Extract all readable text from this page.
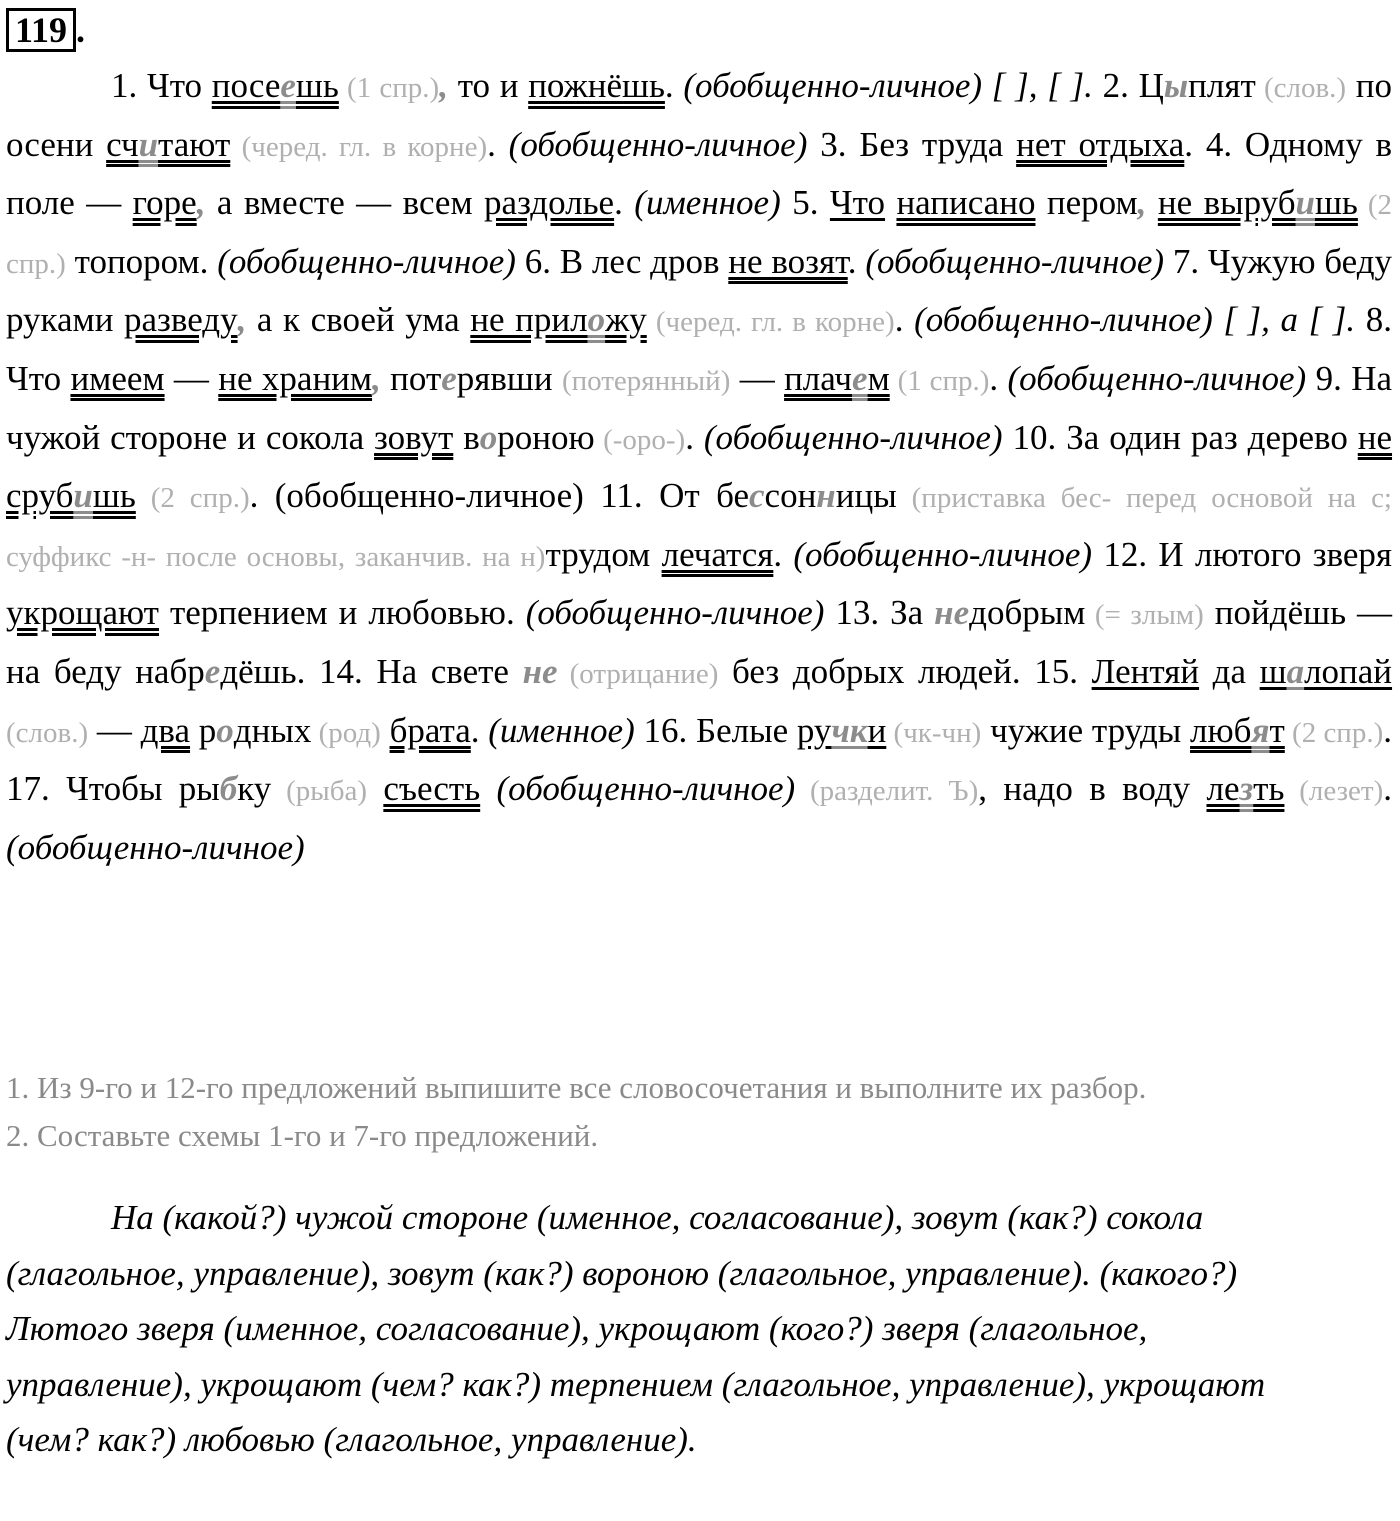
119 .

1. Что посеешь (1 спр.), то и пожнёшь. (обобщенно-личное) [ ], [ ]. 2. Цыплят (слов.) по осени считают (черед. гл. в корне). (обобщенно-личное) 3. Без труда нет отдыха. 4. Одному в поле — горе, а вместе — всем раздолье. (именное) 5. Что написано пером, не вырубишь (2 спр.) топором. (обобщенно-личное) 6. В лес дров не возят. (обобщенно-личное) 7. Чужую беду руками разведу, а к своей ума не приложу (черед. гл. в корне). (обобщенно-личное) [ ], а [ ]. 8. Что имеем — не храним, потерявши (потерянный) — плачем (1 спр.). (обобщенно-личное) 9. На чужой стороне и сокола зовут вороною (-оро-). (обобщенно-личное) 10. За один раз дерево не срубишь (2 спр.). (обобщенно-личное) 11. От бессонницы (приставка бес- перед основой на с; суффикс -н- после основы, заканчив. на н)трудом лечатся. (обобщенно-личное) 12. И лютого зверя укрощают терпением и любовью. (обобщенно-личное) 13. За недобрым (= злым) пойдёшь — на беду набредёшь. 14. На свете не (отрицание) без добрых людей. 15. Лентяй да шалопай (слов.) — два родных (род) брата. (именное) 16. Белые ручки (чк-чн) чужие труды любят (2 спр.). 17. Чтобы рыбку (рыба) съесть (обобщенно-личное) (разделит. Ъ), надо в воду лезть (лезет). (обобщенно-личное)

1. Из 9-го и 12-го предложений выпишите все словосочетания и выполните их разбор.
2. Составьте схемы 1-го и 7-го предложений.

На (какой?) чужой стороне (именное, согласование), зовут (как?) сокола (глагольное, управление), зовут (как?) вороною (глагольное, управление). (какого?) Лютого зверя (именное, согласование), укрощают (кого?) зверя (глагольное, управление), укрощают (чем? как?) терпением (глагольное, управление), укрощают (чем? как?) любовью (глагольное, управление).
